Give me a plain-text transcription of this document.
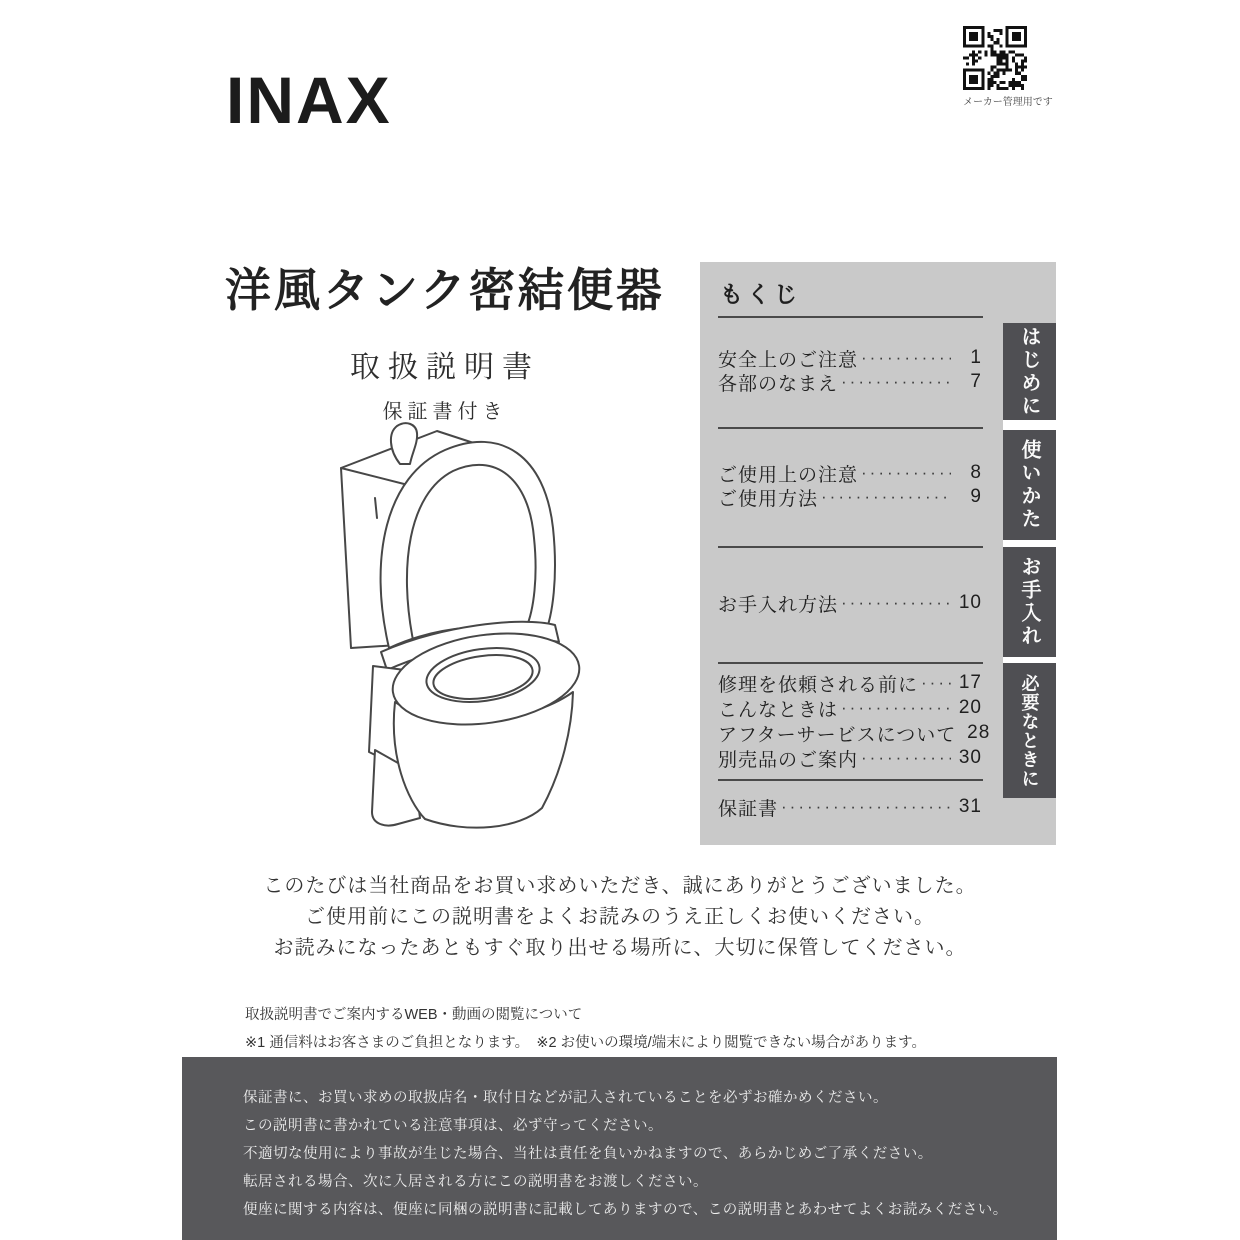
INAX	メーカー管理用です
洋風タンク密結便器
取扱説明書
保証書付き
もくじ
安全上のご注意 ·····	1
各部のなまえ ·····	7
ご使用上の注意 ·····	8
ご使用方法 ·····	9
お手入れ方法 ·····	10
修理を依頼される前に ····· 17
こんなときは ·····	20
アフターサービスについて 28
別売品のご案内 ·····	30
保証書 ·····	31
はじめに
使いかた
お手入れ
必要なときに
このたびは当社商品をお買い求めいただき、誠にありがとうございました。
ご使用前にこの説明書をよくお読みのうえ正しくお使いください。
お読みになったあともすぐ取り出せる場所に、大切に保管してください。
取扱説明書でご案内するWEB・動画の閲覧について
※1 通信料はお客さまのご負担となります。　※2 お使いの環境/端末により閲覧できない場合があります。
保証書に、お買い求めの取扱店名・取付日などが記入されていることを必ずお確かめください。
この説明書に書かれている注意事項は、必ず守ってください。
不適切な使用により事故が生じた場合、当社は責任を負いかねますので、あらかじめご了承ください。
転居される場合、次に入居される方にこの説明書をお渡しください。
便座に関する内容は、便座に同梱の説明書に記載してありますので、この説明書とあわせてよくお読みください。
